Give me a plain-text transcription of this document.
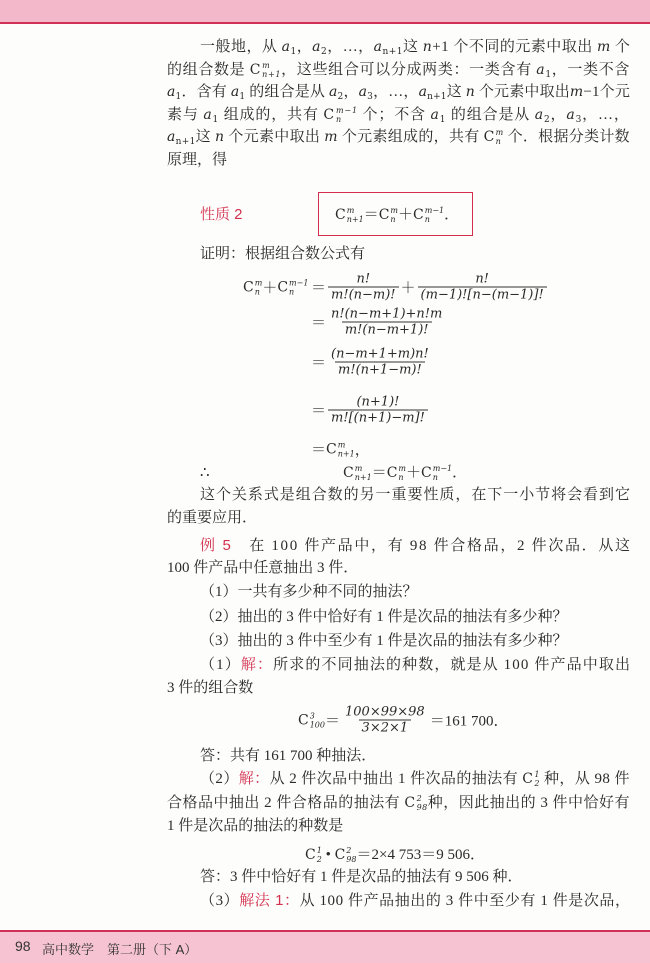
一般地，从 $a_1$，$a_2$，…，$a_{n+1}$这 n+1 个不同的元素中取出 m 个
的组合数是 C m
n+1 ，这些组合可以分成两类：一类含有 $a_1$，一类不含
$a_1$．含有 $a_1$ 的组合是从 $a_2$，$a_3$，…，$a_{n+1}$这 n 个元素中取出m−1个元
素与 $a_1$ 组成的，共有 C m−1
n	个；不含 $a_1$ 的组合是从 $a_2$，$a_3$，…，
$a_{n+1}$这 n 个元素中取出 m 个元素组成的，共有 C m
n 个．根据分类计数
原理，得
性质 2	C m
n+1 ＝ C m
n ＋ C m−1
n ．
证明：根据组合数公式有
C m
n ＋ C m−1
n	＝ $\frac{n!}{m!(n-m)!} + \frac{n!}{(m-1)![n-(m-1)]!}$
＝ $\frac{n!(n-m+1)+n!m}{m!(n-m+1)!}$
＝ $\frac{(n-m+1+m)n!}{m!(n+1-m)!}$
＝ $\frac{(n+1)!}{m![(n+1)-m]!}$
＝ C m
n+1 ，
∴	C m
n+1 ＝ C m
n ＋ C m−1
n ．
这个关系式是组合数的另一重要性质，在下一小节将会看到它
的重要应用．
例 5　在 100 件产品中，有 98 件合格品，2 件次品．从这
100 件产品中任意抽出 3 件．
（1）一共有多少种不同的抽法？
（2）抽出的 3 件中恰好有 1 件是次品的抽法有多少种？
（3）抽出的 3 件中至少有 1 件是次品的抽法有多少种？
（1）解：所求的不同抽法的种数，就是从 100 件产品中取出
3 件的组合数
C 3
$100 = \frac{100\times 99\times 98}{3\times 2\times 1} =161$ 700．
答：共有 161 700 种抽法．
（2）解：从 2 件次品中抽出 1 件次品的抽法有 C 1
2 种，从 98 件
合格品中抽出 2 件合格品的抽法有 C 2
98 种，因此抽出的 3 件中恰好有
1 件是次品的抽法的种数是
C 1
2 • C 2
98 ＝2×4 753＝9 506．
答：3 件中恰好有 1 件是次品的抽法有 9 506 种．
（3）解法 1：从 100 件产品抽出的 3 件中至少有 1 件是次品，
98 高中数学　第二册（下 A）
